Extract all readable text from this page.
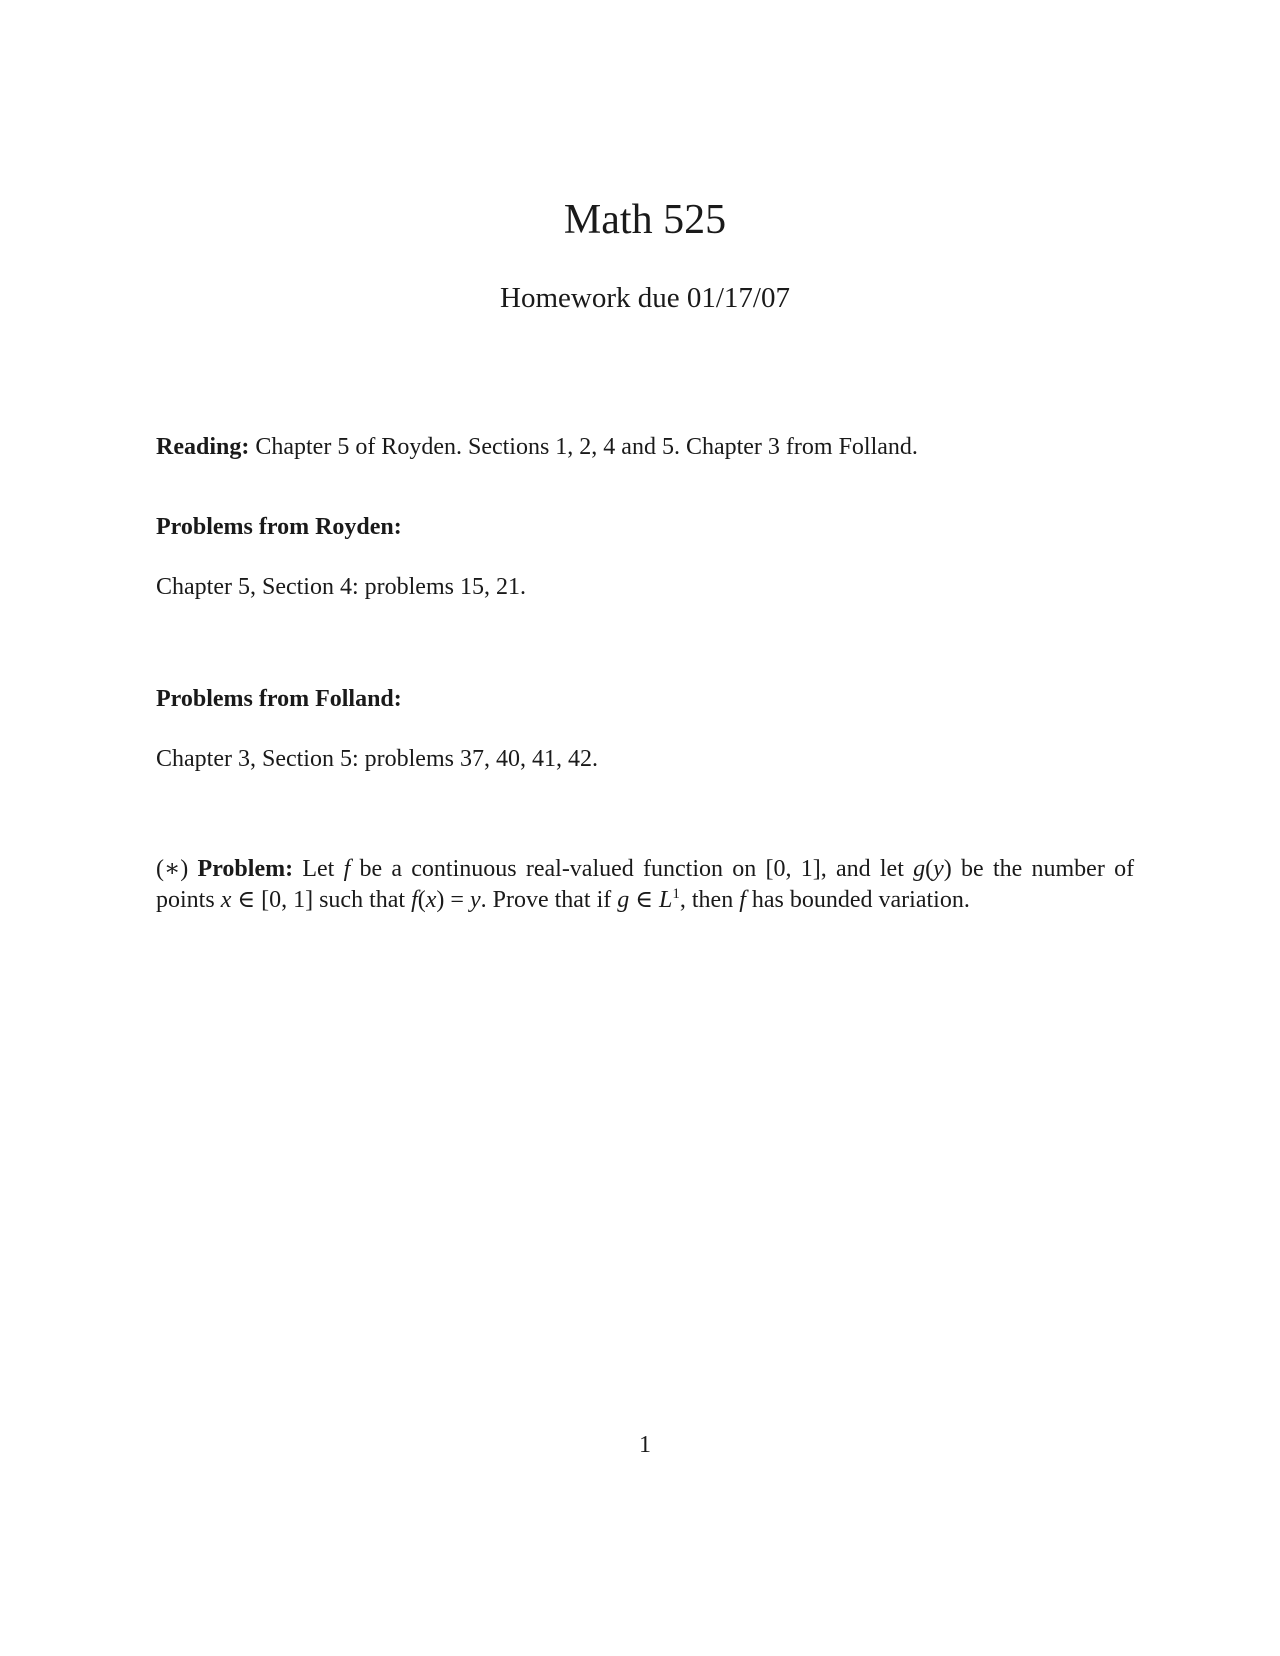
Math 525
Homework due 01/17/07
Reading: Chapter 5 of Royden. Sections 1, 2, 4 and 5. Chapter 3 from Folland.
Problems from Royden:
Chapter 5, Section 4: problems 15, 21.
Problems from Folland:
Chapter 3, Section 5: problems 37, 40, 41, 42.
(∗) Problem: Let f be a continuous real-valued function on [0, 1], and let g(y) be the number of points x ∈ [0, 1] such that f(x) = y. Prove that if g ∈ $L^1$, then f has bounded variation.
1
